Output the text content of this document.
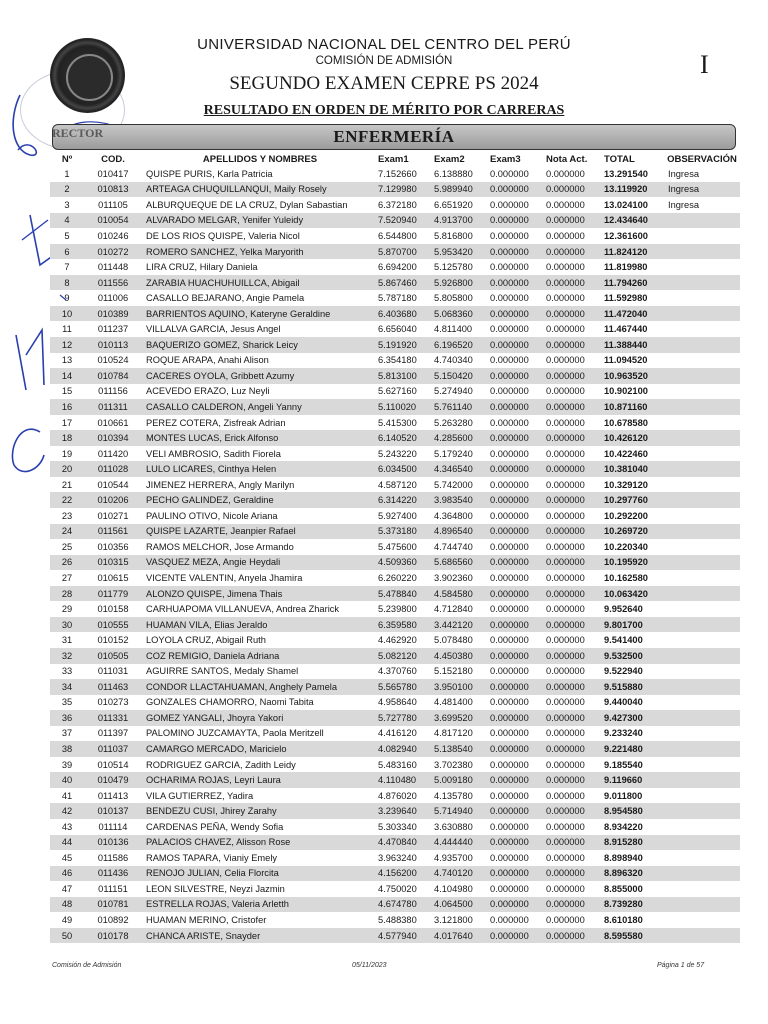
UNIVERSIDAD NACIONAL DEL CENTRO DEL PERÚ
COMISIÓN DE ADMISIÓN
SEGUNDO EXAMEN CEPRE PS 2024
RESULTADO EN ORDEN DE MÉRITO POR CARRERAS
I
ENFERMERÍA
RECTOR
Nº	COD.	APELLIDOS Y NOMBRES	Exam1	Exam2	Exam3	Nota Act.	TOTAL	OBSERVACIÓN
1	010417	QUISPE PURIS, Karla Patricia	7.152660	6.138880	0.000000	0.000000	13.291540	Ingresa
2	010813	ARTEAGA CHUQUILLANQUI, Maily Rosely	7.129980	5.989940	0.000000	0.000000	13.119920	Ingresa
3	011105	ALBURQUEQUE DE LA CRUZ, Dylan Sabastian	6.372180	6.651920	0.000000	0.000000	13.024100	Ingresa
4	010054	ALVARADO MELGAR, Yenifer Yuleidy	7.520940	4.913700	0.000000	0.000000	12.434640	
5	010246	DE LOS RIOS QUISPE, Valeria Nicol	6.544800	5.816800	0.000000	0.000000	12.361600	
6	010272	ROMERO SANCHEZ, Yelka Maryorith	5.870700	5.953420	0.000000	0.000000	11.824120	
7	011448	LIRA CRUZ, Hilary Daniela	6.694200	5.125780	0.000000	0.000000	11.819980	
8	011556	ZARABIA HUACHUHUILLCA, Abigail	5.867460	5.926800	0.000000	0.000000	11.794260	
9	011006	CASALLO BEJARANO, Angie Pamela	5.787180	5.805800	0.000000	0.000000	11.592980	
10	010389	BARRIENTOS AQUINO, Kateryne Geraldine	6.403680	5.068360	0.000000	0.000000	11.472040	
11	011237	VILLALVA GARCIA, Jesus Angel	6.656040	4.811400	0.000000	0.000000	11.467440	
12	010113	BAQUERIZO GOMEZ, Sharick Leicy	5.191920	6.196520	0.000000	0.000000	11.388440	
13	010524	ROQUE ARAPA, Anahi Alison	6.354180	4.740340	0.000000	0.000000	11.094520	
14	010784	CACERES OYOLA, Gribbett Azumy	5.813100	5.150420	0.000000	0.000000	10.963520	
15	011156	ACEVEDO ERAZO, Luz Neyli	5.627160	5.274940	0.000000	0.000000	10.902100	
16	011311	CASALLO CALDERON, Angeli Yanny	5.110020	5.761140	0.000000	0.000000	10.871160	
17	010661	PEREZ COTERA, Zisfreak Adrian	5.415300	5.263280	0.000000	0.000000	10.678580	
18	010394	MONTES LUCAS, Erick Alfonso	6.140520	4.285600	0.000000	0.000000	10.426120	
19	011420	VELI AMBROSIO, Sadith Fiorela	5.243220	5.179240	0.000000	0.000000	10.422460	
20	011028	LULO LICARES, Cinthya Helen	6.034500	4.346540	0.000000	0.000000	10.381040	
21	010544	JIMENEZ HERRERA, Angly Marilyn	4.587120	5.742000	0.000000	0.000000	10.329120	
22	010206	PECHO GALINDEZ, Geraldine	6.314220	3.983540	0.000000	0.000000	10.297760	
23	010271	PAULINO OTIVO, Nicole Ariana	5.927400	4.364800	0.000000	0.000000	10.292200	
24	011561	QUISPE LAZARTE, Jeanpier Rafael	5.373180	4.896540	0.000000	0.000000	10.269720	
25	010356	RAMOS MELCHOR, Jose Armando	5.475600	4.744740	0.000000	0.000000	10.220340	
26	010315	VASQUEZ MEZA, Angie Heydali	4.509360	5.686560	0.000000	0.000000	10.195920	
27	010615	VICENTE VALENTIN, Anyela Jhamira	6.260220	3.902360	0.000000	0.000000	10.162580	
28	011779	ALONZO QUISPE, Jimena Thais	5.478840	4.584580	0.000000	0.000000	10.063420	
29	010158	CARHUAPOMA VILLANUEVA, Andrea Zharick	5.239800	4.712840	0.000000	0.000000	9.952640	
30	010555	HUAMAN VILA, Elias Jeraldo	6.359580	3.442120	0.000000	0.000000	9.801700	
31	010152	LOYOLA CRUZ, Abigail Ruth	4.462920	5.078480	0.000000	0.000000	9.541400	
32	010505	COZ REMIGIO, Daniela Adriana	5.082120	4.450380	0.000000	0.000000	9.532500	
33	011031	AGUIRRE SANTOS, Medaly Shamel	4.370760	5.152180	0.000000	0.000000	9.522940	
34	011463	CONDOR LLACTAHUAMAN, Anghely Pamela	5.565780	3.950100	0.000000	0.000000	9.515880	
35	010273	GONZALES CHAMORRO, Naomi Tabita	4.958640	4.481400	0.000000	0.000000	9.440040	
36	011331	GOMEZ YANGALI, Jhoyra Yakori	5.727780	3.699520	0.000000	0.000000	9.427300	
37	011397	PALOMINO JUZCAMAYTA, Paola Meritzell	4.416120	4.817120	0.000000	0.000000	9.233240	
38	011037	CAMARGO MERCADO, Maricielo	4.082940	5.138540	0.000000	0.000000	9.221480	
39	010514	RODRIGUEZ GARCIA, Zadith Leidy	5.483160	3.702380	0.000000	0.000000	9.185540	
40	010479	OCHARIMA ROJAS, Leyri Laura	4.110480	5.009180	0.000000	0.000000	9.119660	
41	011413	VILA GUTIERREZ, Yadira	4.876020	4.135780	0.000000	0.000000	9.011800	
42	010137	BENDEZU CUSI, Jhirey Zarahy	3.239640	5.714940	0.000000	0.000000	8.954580	
43	011114	CARDENAS PEÑA, Wendy Sofia	5.303340	3.630880	0.000000	0.000000	8.934220	
44	010136	PALACIOS CHAVEZ, Alisson Rose	4.470840	4.444440	0.000000	0.000000	8.915280	
45	011586	RAMOS TAPARA, Vianiy Emely	3.963240	4.935700	0.000000	0.000000	8.898940	
46	011436	RENOJO JULIAN, Celia Florcita	4.156200	4.740120	0.000000	0.000000	8.896320	
47	011151	LEON SILVESTRE, Neyzi Jazmin	4.750020	4.104980	0.000000	0.000000	8.855000	
48	010781	ESTRELLA ROJAS, Valeria Arletth	4.674780	4.064500	0.000000	0.000000	8.739280	
49	010892	HUAMAN MERINO, Cristofer	5.488380	3.121800	0.000000	0.000000	8.610180	
50	010178	CHANCA ARISTE, Snayder	4.577940	4.017640	0.000000	0.000000	8.595580	
Comisión de Admisión	05/11/2023	Página 1 de 57
